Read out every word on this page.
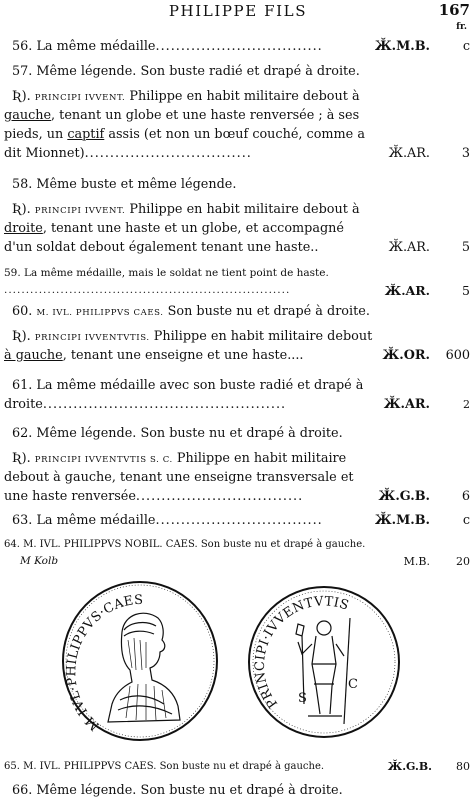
PHILIPPE FILS	167
fr.
56. La même médaille.................................	Ӂ.M.B.	c
57. Même légende. Son buste radié et drapé à droite.
Ʀ). PRINCIPI IVVENT. Philippe en habit militaire debout à
gauche, tenant un globe et une haste renversée ; à ses
pieds, un captif assis (et non un bœuf couché, comme a
dit Mionnet).................................	Ӂ.AR.	3
58. Même buste et même légende.
Ʀ). PRINCIPI IVVENT. Philippe en habit militaire debout à
droite, tenant une haste et un globe, et accompagné
d'un soldat debout également tenant une haste..	Ӂ.AR.	5
59. La même médaille, mais le soldat ne tient point de haste.
..................................................................	Ӂ.AR.	5
60. M. IVL. PHILIPPVS CAES. Son buste nu et drapé à droite.
Ʀ). PRINCIPI IVVENTVTIS. Philippe en habit militaire debout
à gauche, tenant une enseigne et une haste....	Ӂ.OR.	600
61. La même médaille avec son buste radié et drapé à
droite................................................	Ӂ.AR.	2
62. Même légende. Son buste nu et drapé à droite.
Ʀ). PRINCIPI IVVENTVTIS S. C. Philippe en habit militaire
debout à gauche, tenant une enseigne transversale et
une haste renversée.................................	Ӂ.G.B.	6
63. La même médaille.................................	Ӂ.M.B.	c
64. M. IVL. PHILIPPVS NOBIL. CAES. Son buste nu et drapé à gauche.
M Kolb	M.B.	20
M·IVL·PHILIPPVS·CAES
PRINCIPI·IVVENTVTIS
S
C
65. M. IVL. PHILIPPVS CAES. Son buste nu et drapé à gauche.	Ӂ.G.B.	80
66. Même légende. Son buste nu et drapé à droite.
